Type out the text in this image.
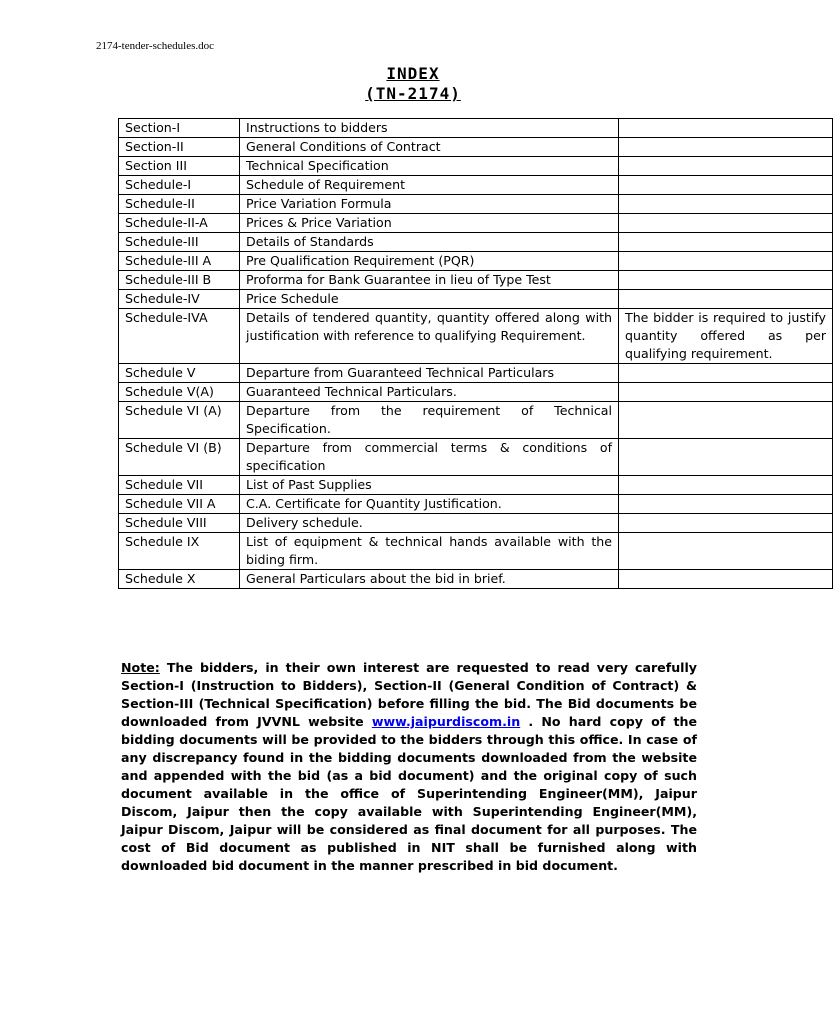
2174-tender-schedules.doc
INDEX
(TN-2174)
Section-I	Instructions to bidders	
Section-II	General Conditions of Contract	
Section III	Technical Specification	
Schedule-I	Schedule of Requirement	
Schedule-II	Price Variation Formula	
Schedule-II-A	Prices & Price Variation	
Schedule-III	Details of Standards	
Schedule-III A	Pre Qualification Requirement (PQR)	
Schedule-III B	Proforma for Bank Guarantee in lieu of Type Test	
Schedule-IV	Price Schedule	
Schedule-IVA	Details of tendered quantity, quantity offered along with justification with reference to qualifying Requirement.	The bidder is required to justify quantity offered as per qualifying requirement.
Schedule V	Departure from Guaranteed Technical Particulars	
Schedule V(A)	Guaranteed Technical Particulars.	
Schedule VI (A)	Departure from the requirement of Technical Specification.	
Schedule VI (B)	Departure from commercial terms & conditions of specification	
Schedule VII	List of Past Supplies	
Schedule VII A	C.A. Certificate for Quantity Justification.	
Schedule VIII	Delivery schedule.	
Schedule IX	List of equipment & technical hands available with the biding firm.	
Schedule X	General Particulars about the bid in brief.	
Note: The bidders, in their own interest are requested to read very carefully Section-I (Instruction to Bidders), Section-II (General Condition of Contract) & Section-III (Technical Specification) before filling the bid. The Bid documents be downloaded from JVVNL website www.jaipurdiscom.in . No hard copy of the bidding documents will be provided to the bidders through this office. In case of any discrepancy found in the bidding documents downloaded from the website and appended with the bid (as a bid document) and the original copy of such document available in the office of Superintending Engineer(MM), Jaipur Discom, Jaipur then the copy available with Superintending Engineer(MM), Jaipur Discom, Jaipur will be considered as final document for all purposes. The cost of Bid document as published in NIT shall be furnished along with downloaded bid document in the manner prescribed in bid document.
